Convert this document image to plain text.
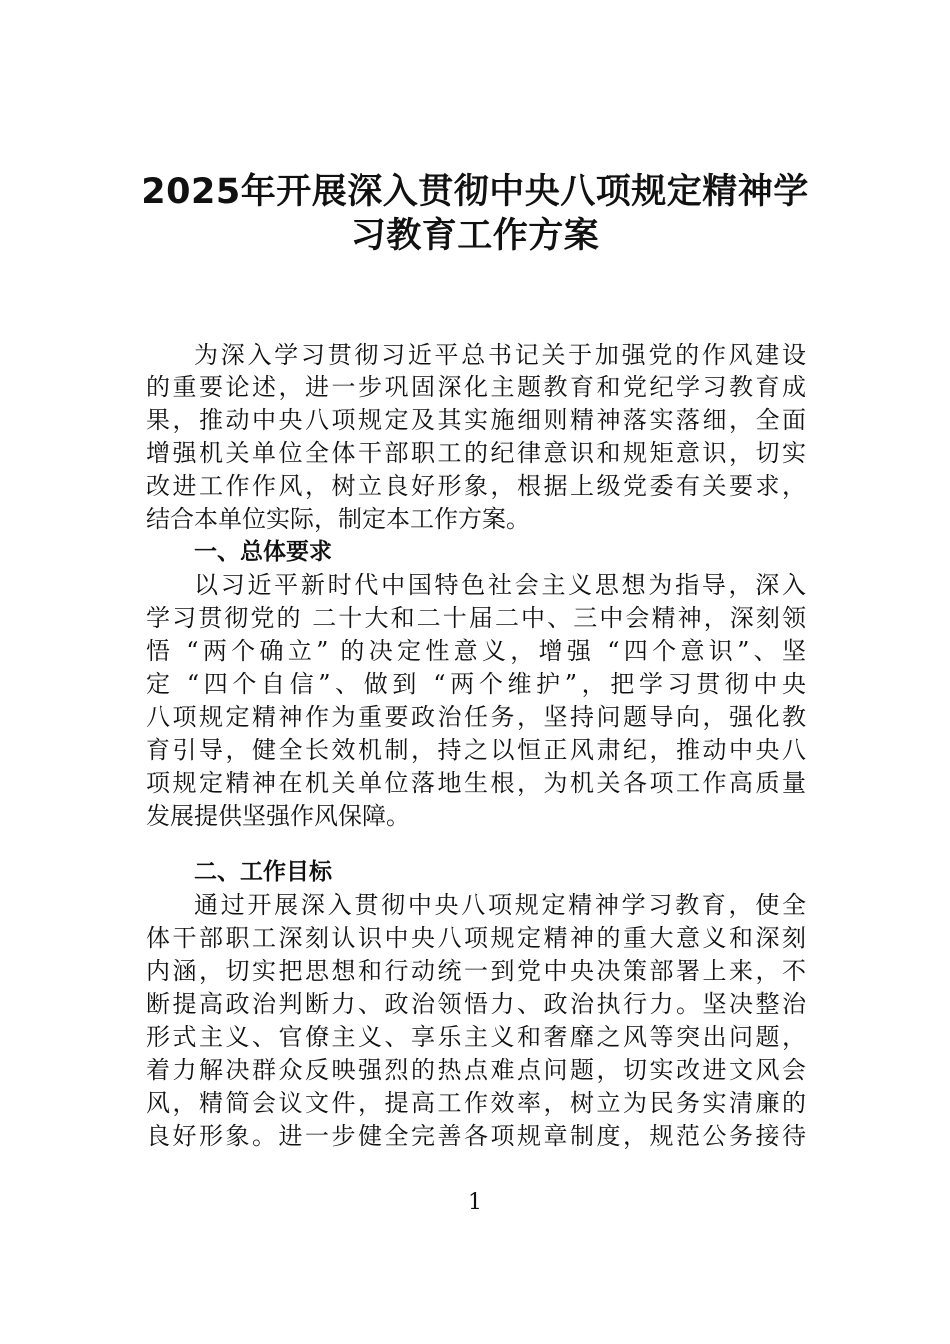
2025年开展深入贯彻中央八项规定精神学
习教育工作方案
为深入学习贯彻习近平总书记关于加强党的作风建设
的重要论述，进一步巩固深化主题教育和党纪学习教育成
果，推动中央八项规定及其实施细则精神落实落细，全面
增强机关单位全体干部职工的纪律意识和规矩意识，切实
改进工作作风，树立良好形象，根据上级党委有关要求，
结合本单位实际，制定本工作方案。
一、总体要求
以习近平新时代中国特色社会主义思想为指导，深入
学习贯彻党的 二十大和二十届二中、三中会精神，深刻领
悟 “两个确立” 的决定性意义，增强 “四个意识”、坚
定 “四个自信”、做到 “两个维护”，把学习贯彻中央
八项规定精神作为重要政治任务，坚持问题导向，强化教
育引导，健全长效机制，持之以恒正风肃纪，推动中央八
项规定精神在机关单位落地生根，为机关各项工作高质量
发展提供坚强作风保障。
二、工作目标
通过开展深入贯彻中央八项规定精神学习教育，使全
体干部职工深刻认识中央八项规定精神的重大意义和深刻
内涵，切实把思想和行动统一到党中央决策部署上来，不
断提高政治判断力、政治领悟力、政治执行力。坚决整治
形式主义、官僚主义、享乐主义和奢靡之风等突出问题，
着力解决群众反映强烈的热点难点问题，切实改进文风会
风，精简会议文件，提高工作效率，树立为民务实清廉的
良好形象。进一步健全完善各项规章制度，规范公务接待
1
